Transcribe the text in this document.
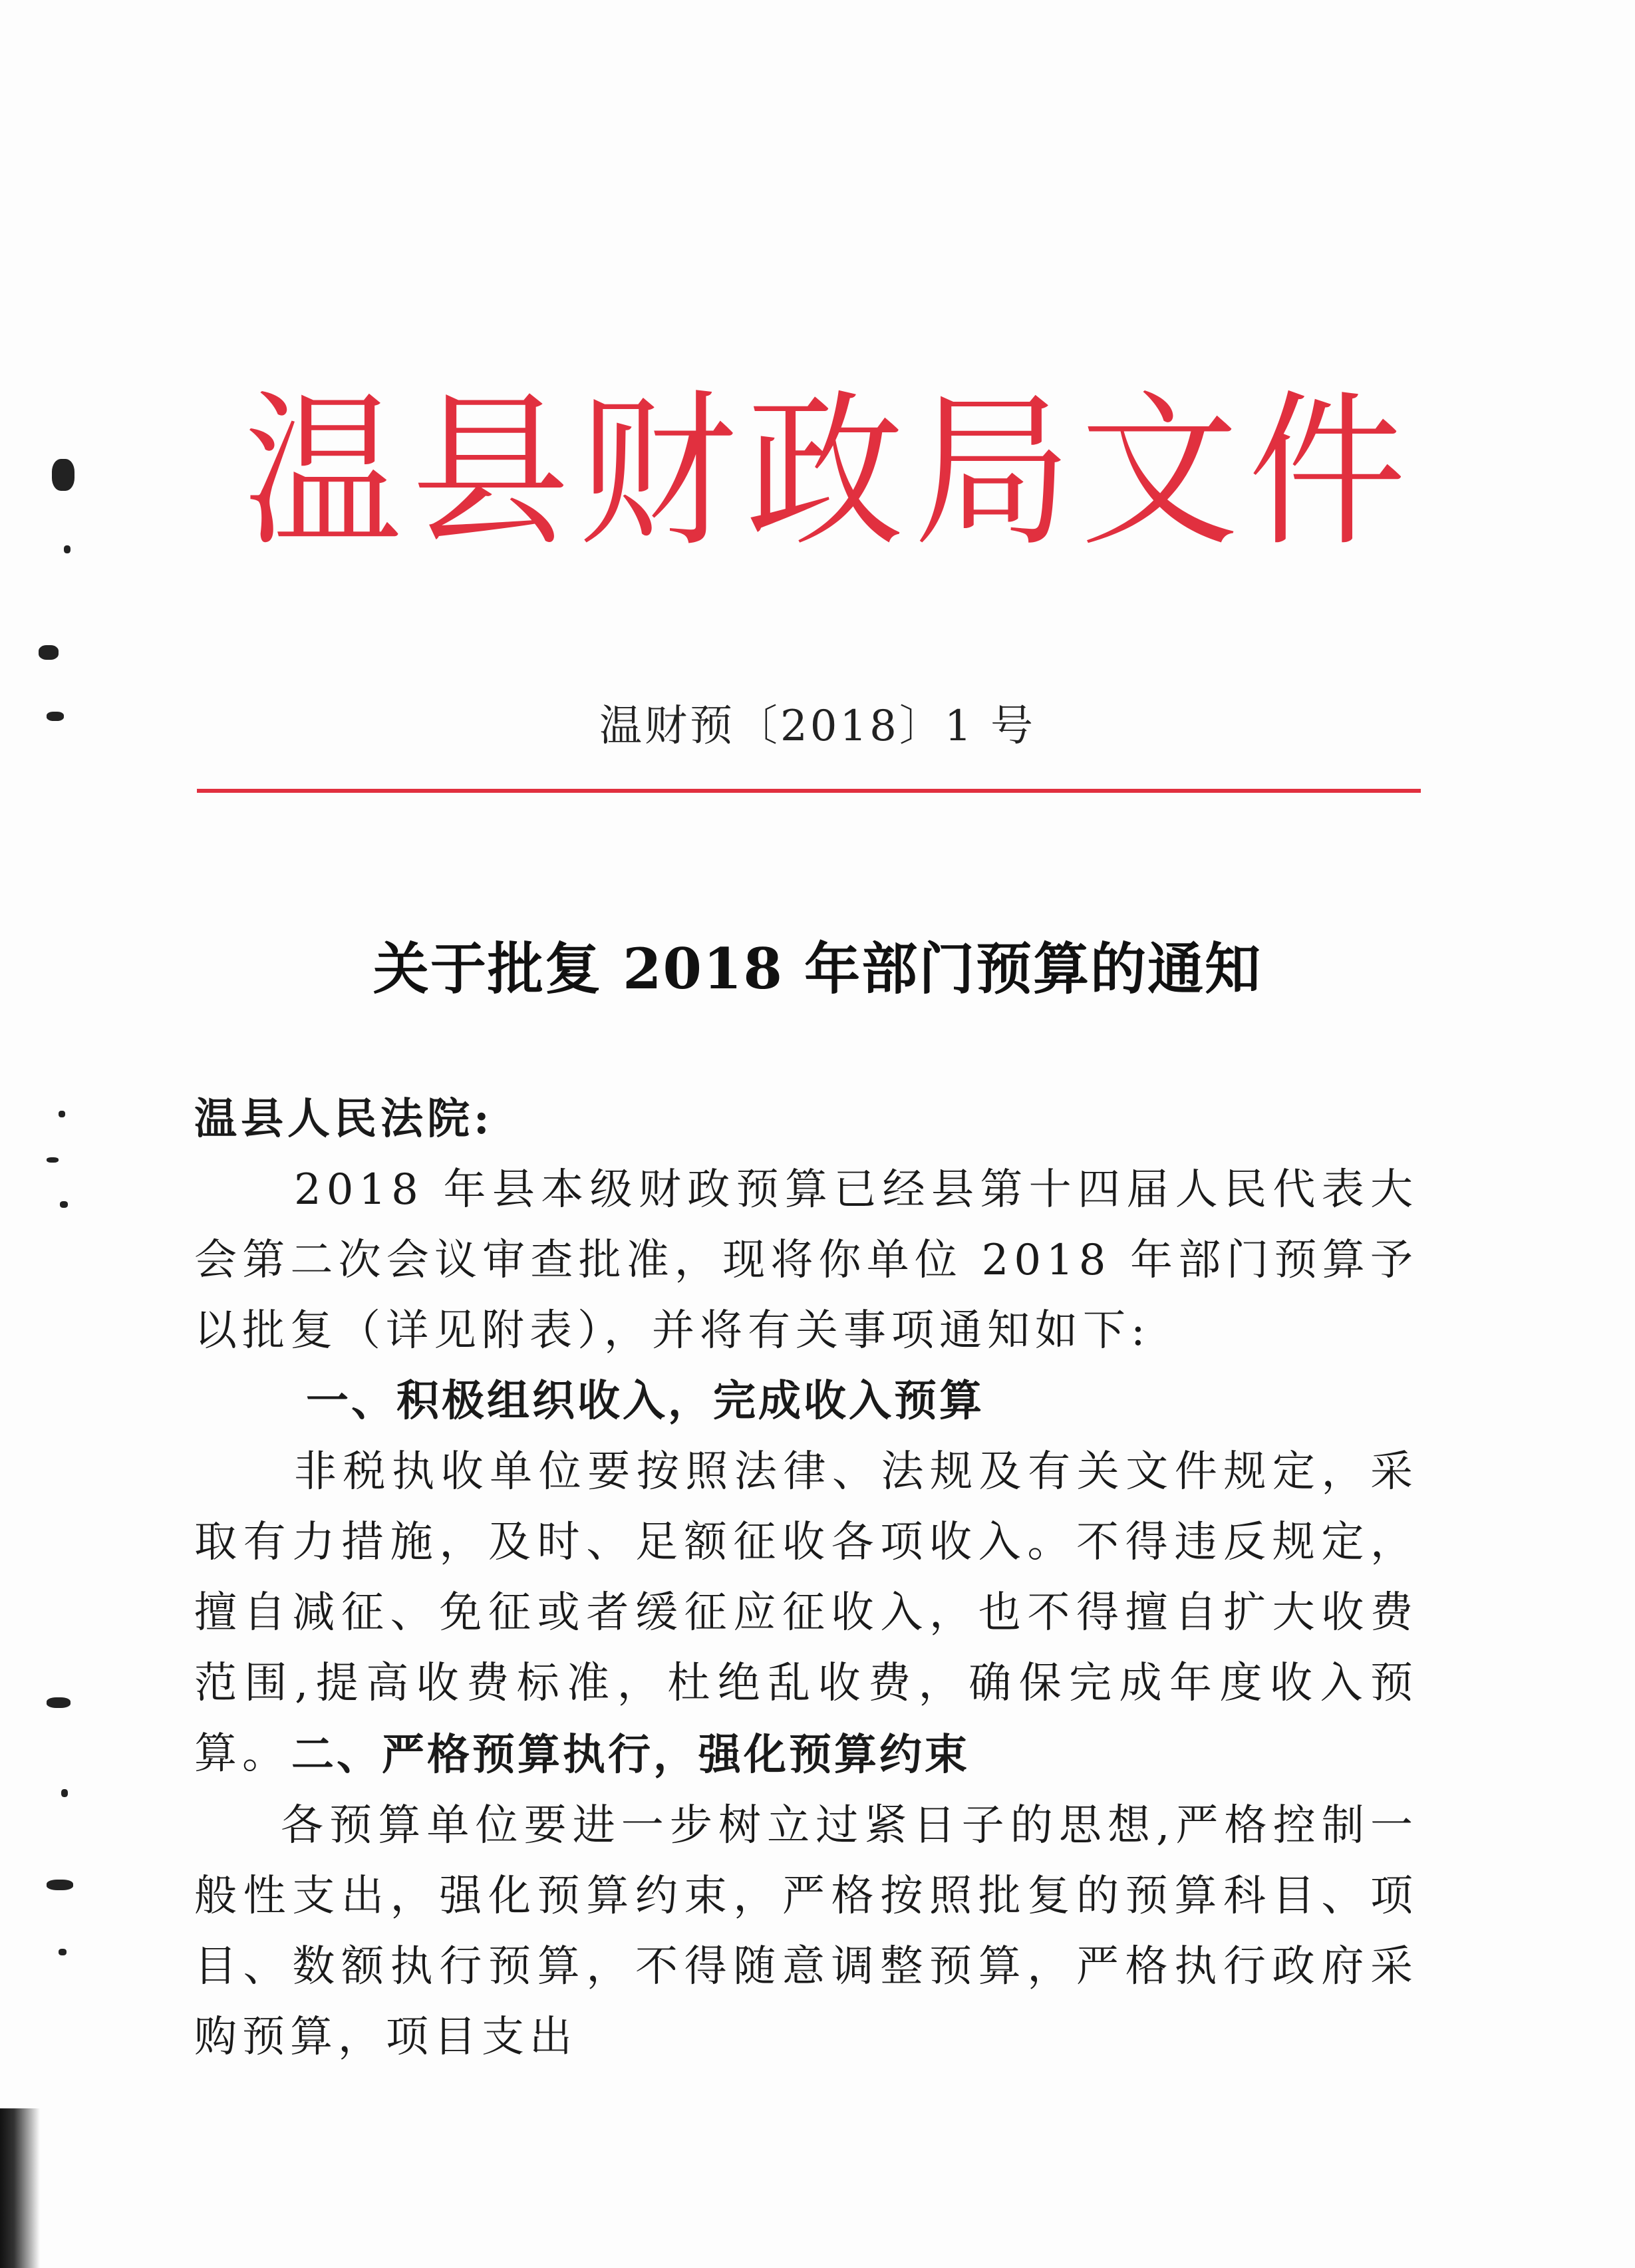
温 县 财 政 局 文 件
温财预〔2018〕1 号
关于批复 2018 年部门预算的通知
温县人民法院:
2018 年县本级财政预算已经县第十四届人民代表大会第二次会议审查批准，现将你单位 2018 年部门预算予以批复（详见附表），并将有关事项通知如下:
一、积极组织收入，完成收入预算
非税执收单位要按照法律、法规及有关文件规定，采取有力措施，及时、足额征收各项收入。不得违反规定，擅自减征、免征或者缓征应征收入，也不得擅自扩大收费范围,提高收费标准，杜绝乱收费，确保完成年度收入预算。 二、严格预算执行，强化预算约束
各预算单位要进一步树立过紧日子的思想,严格控制一般性支出，强化预算约束，严格按照批复的预算科目、项目、数额执行预算，不得随意调整预算，严格执行政府采购预算，项目支出
